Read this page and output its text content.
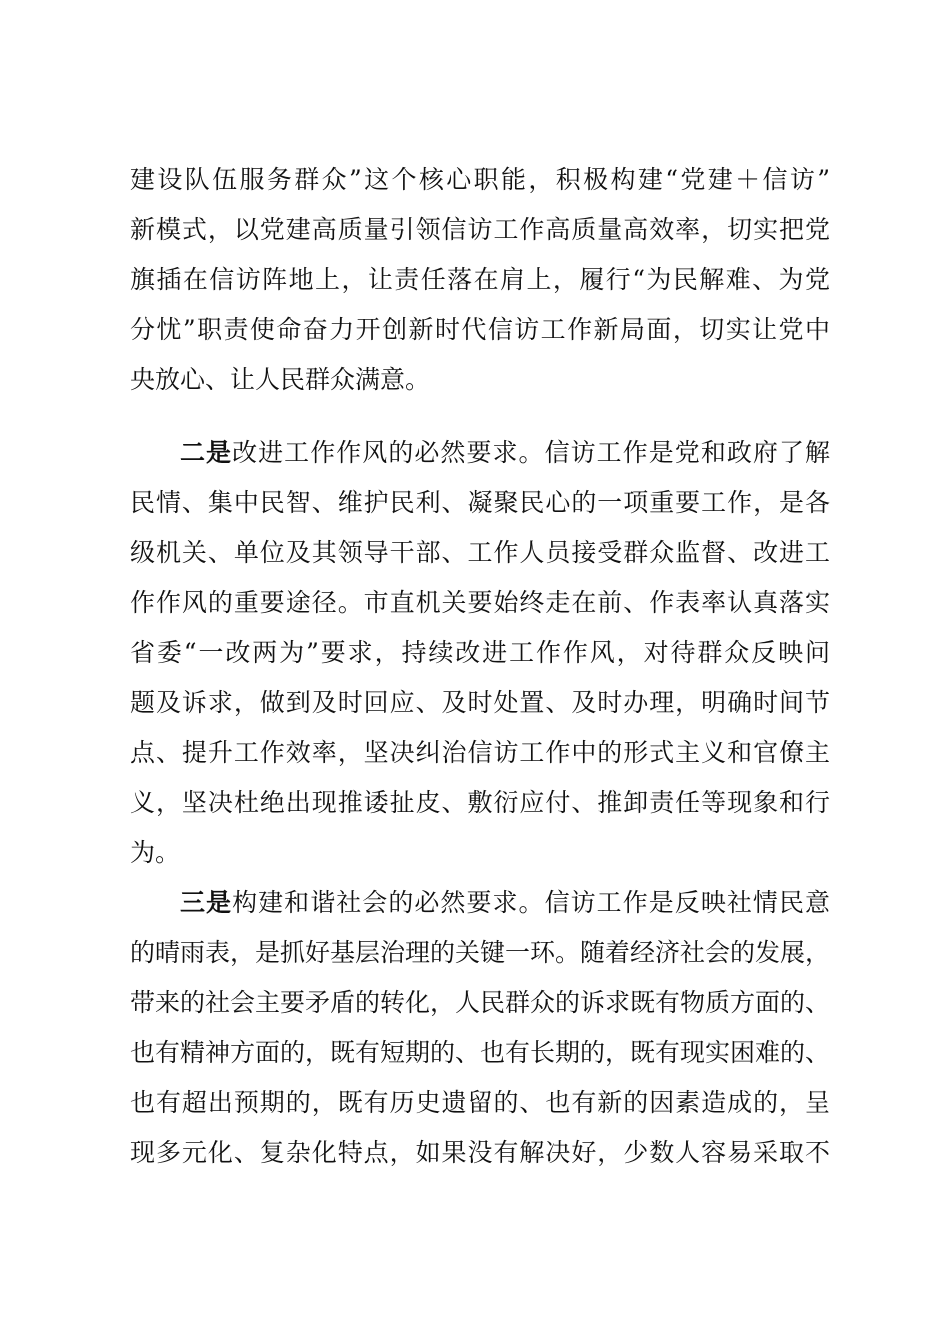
建设队伍服务群众”这个核心职能，积极构建“党建＋信访”
新模式，以党建高质量引领信访工作高质量高效率，切实把党
旗插在信访阵地上，让责任落在肩上，履行“为民解难、为党
分忧”职责使命奋力开创新时代信访工作新局面，切实让党中
央放心、让人民群众满意。
二是改进工作作风的必然要求。信访工作是党和政府了解
民情、集中民智、维护民利、凝聚民心的一项重要工作，是各
级机关、单位及其领导干部、工作人员接受群众监督、改进工
作作风的重要途径。市直机关要始终走在前、作表率认真落实
省委“一改两为”要求，持续改进工作作风，对待群众反映问
题及诉求，做到及时回应、及时处置、及时办理，明确时间节
点、提升工作效率，坚决纠治信访工作中的形式主义和官僚主
义，坚决杜绝出现推诿扯皮、敷衍应付、推卸责任等现象和行
为。
三是构建和谐社会的必然要求。信访工作是反映社情民意
的晴雨表，是抓好基层治理的关键一环。随着经济社会的发展，
带来的社会主要矛盾的转化，人民群众的诉求既有物质方面的、
也有精神方面的，既有短期的、也有长期的，既有现实困难的、
也有超出预期的，既有历史遗留的、也有新的因素造成的，呈
现多元化、复杂化特点，如果没有解决好，少数人容易采取不
